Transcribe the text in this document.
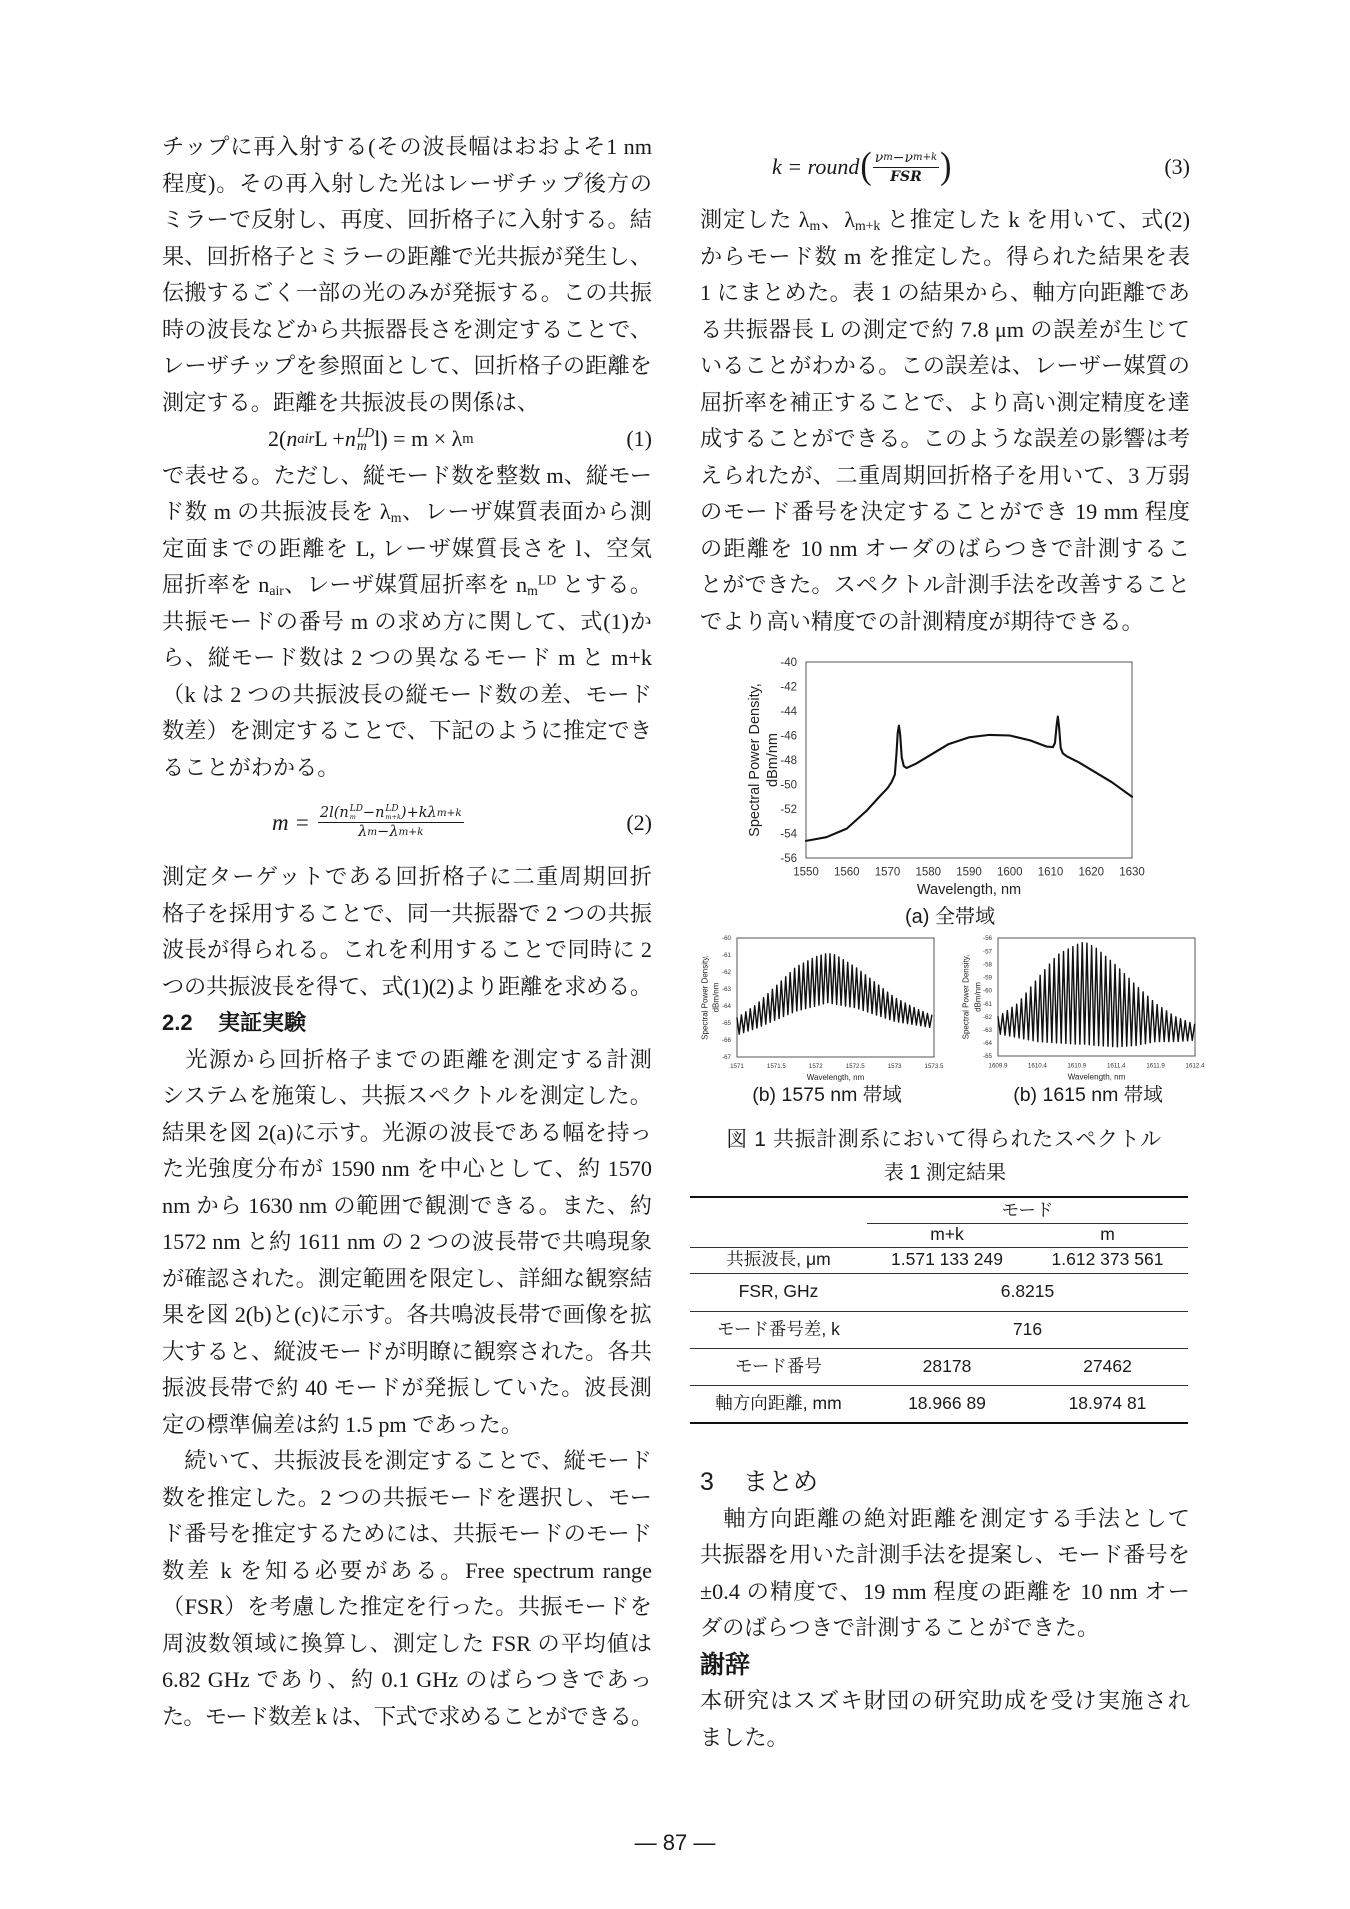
チップに再入射する(その波長幅はおおよそ1 nm
程度)。その再入射した光はレーザチップ後方の
ミラーで反射し、再度、回折格子に入射する。結
果、回折格子とミラーの距離で光共振が発生し、
伝搬するごく一部の光のみが発振する。この共振
時の波長などから共振器長さを測定することで、
レーザチップを参照面として、回折格子の距離を
測定する。距離を共振波長の関係は、
2( n air L + n LD
m l) = m × λ m	(1)
で表せる。ただし、縦モード数を整数 m、縦モー
ド数 m の共振波長を $\lambda_m$、レーザ媒質表面から測
定面までの距離を L, レーザ媒質長さを l、空気
屈折率を $n_{air}$、レーザ媒質屈折率を $n_m^{LD}$ とする。
共振モードの番号 m の求め方に関して、式(1)か
ら、縦モード数は 2 つの異なるモード m と m+k
（k は 2 つの共振波長の縦モード数の差、モード
数差）を測定することで、下記のように推定でき
ることがわかる。
m = 2l(n LD
m −n LD
m+k )+kλ m+k
λ m −λ m+k	(2)
測定ターゲットである回折格子に二重周期回折
格子を採用することで、同一共振器で 2 つの共振
波長が得られる。これを利用することで同時に 2
つの共振波長を得て、式(1)(2)より距離を求める。
2.2 実証実験
　光源から回折格子までの距離を測定する計測
システムを施策し、共振スペクトルを測定した。
結果を図 2(a)に示す。光源の波長である幅を持っ
た光強度分布が 1590 nm を中心として、約 1570
nm から 1630 nm の範囲で観測できる。また、約
1572 nm と約 1611 nm の 2 つの波長帯で共鳴現象
が確認された。測定範囲を限定し、詳細な観察結
果を図 2(b)と(c)に示す。各共鳴波長帯で画像を拡
大すると、縦波モードが明瞭に観察された。各共
振波長帯で約 40 モードが発振していた。波長測
定の標準偏差は約 1.5 pm であった。
　続いて、共振波長を測定することで、縦モード
数を推定した。2 つの共振モードを選択し、モー
ド番号を推定するため​には、共振モードのモード
数差 k を知る必要がある。Free spectrum range
（FSR）を考慮した推定を行った。共振モードを
周波数領域に換算し、測定した FSR の平均値は
6.82 GHz であり、約 0.1 GHz のばらつきであっ
た。モード数差 k は、下式で求めることができる。
k = round ( $\frac{\text{ν m −ν m+k}}{\text{FSR}}$ )	(3)
測定した $\lambda_m$、$\lambda_{m+k}$ と推定した k を用いて、式(2)
からモード数 m を推定した。得られた結果を表
1 にまとめた。表 1 の結果から、軸方向距離であ
る共振器長 L の測定で約 7.8 μm の誤差が生じて
いることがわかる。この誤差は、レーザー媒質の
屈折率を補正することで、より高い測定精度を達
成することができる。このような誤差の影響は考
えられたが、二重周期回折格子を用いて、3 万弱
のモード番号を決定することができ 19 mm 程度
の距離を 10 nm オーダのばらつきで計測するこ
とができた。スペクトル計測手法を改善すること
でより高い精度での計測精度が期待できる。
-40
-42
-44
-46
-48
-50
-52
-54
-56
1550 1560 1570 1580 1590 1600 1610 1620 1630
Wavelength, nm
Spectral Power Density, dBm/nm
-60
-61
-62
-63
-64
-65
-66
-67
1571	1571.5	1572	1572.5	1573	1573.5
Wavelength, nm
Spectral Power Density, dBm/nm
-56
-57
-58
-59
-60
-61
-62
-63
-64
-65
1609.9	1610.4	1610.9	1611.4	1611.9	1612.4
Wavelength, nm
Spectral Power Density, dBm/nm
(a) 全帯域
(b) 1575 nm 帯域	(b) 1615 nm 帯域
図 1 共振計測系において得られたスペクトル
表 1 測定結果
	モード	
	m+k	m
共振波長, μm	1.571 133 249	1.612 373 561
FSR, GHz	6.8215	
モード番号差, k	716	
モード番号	28178	27462
軸方向距離, mm	18.966 89	18.974 81
3 まとめ
　軸方向距離の絶対距離を測定する手法として
共振器を用いた計測手法を提案し、モード番号を
±0.4 の精度で、19 mm 程度の距離を 10 nm オー
ダのばらつきで計測することができた。
謝辞
本研究はスズキ財団の研究助成を受け実施され
ました。
— 87 —
